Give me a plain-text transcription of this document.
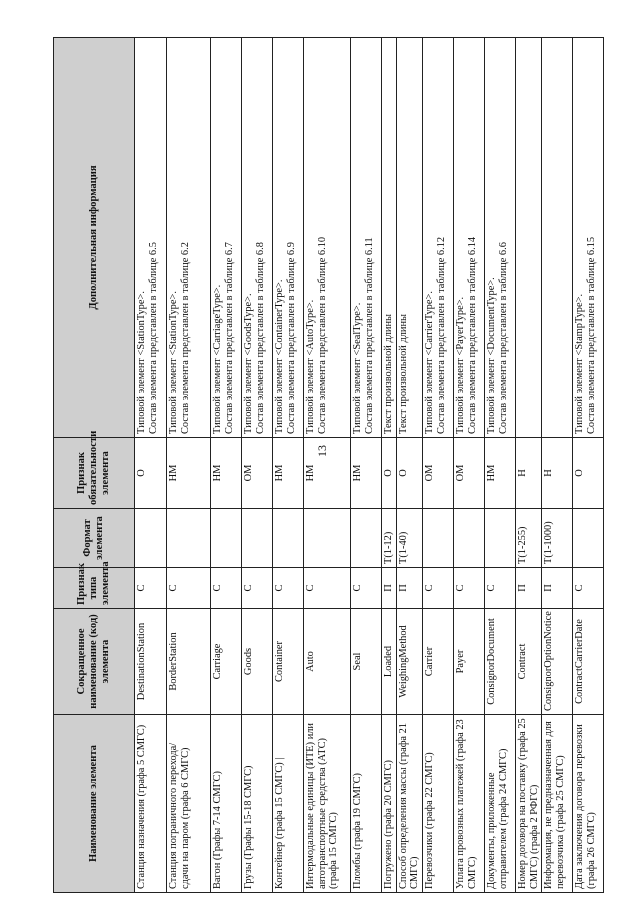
13
Наименование элемента	Сокращенное наименование (код) элемента	Признак типа элемента	Формат элемента	Признак обязательности элемента	Дополнительная информация
Станция назначения (графа 5 СМГС)	DestinationStation	С		О	Типовой элемент <StationType>. Состав элемента представлен в таблице 6.5

Станция пограничного перехода/сдачи на паром (графа 6 СМГС)	BorderStation	С		НМ	Типовой элемент <StationType>. Состав элемента представлен в таблице 6.2

Вагон (Графы 7-14 СМГС)	Carriage	С		НМ	Типовой элемент <CarriageType>. Состав элемента представлен в таблице 6.7

Грузы (Графы 15-18 СМГС)	Goods	С		ОМ	Типовой элемент <GoodsType>. Состав элемента представлен в таблице 6.8

Контейнер (графа 15 СМГС) |	Container	С		НМ	Типовой элемент <ContainerType>. Состав элемента представлен в таблице 6.9

Интермодальные единицы (ИТЕ) или автотранспортные средства (АТС) (графа 15 СМГС)	Auto	С		НМ	Типовой элемент <AutoType>. Состав элемента представлен в таблице 6.10

Пломбы (графа 19 СМГС)	Seal	С		НМ	Типовой элемент <SealType>. Состав элемента представлен в таблице 6.11

Погружено (графа 20 СМГС)	Loaded	П	T(1-12)	О	Текст произвольной длины

Способ определения массы (графа 21 СМГС)	WeighingMethod	П	T(1-40)	О	Текст произвольной длины

Перевозчики (графа 22 СМГС)	Carrier	С		ОМ	Типовой элемент <CarrierType>. Состав элемента представлен в таблице 6.12

Уплата провозных платежей (графа 23 СМГС)	Payer	С		ОМ	Типовой элемент <PayerType>. Состав элемента представлен в таблице 6.14

Документы, приложенные отправителем (графа 24 СМГС)	ConsignorDocument	С		НМ	Типовой элемент <DocumentType>. Состав элемента представлен в таблице 6.6

Номер договора на поставку (графа 25 СМГС) (графа 2 РФГС)	Contract	П	T(1-255)	Н	
Информация, не предназначенная для перевозчика (графа 25 СМГС)	ConsignorOptionNotice	П	T(1-1000)	Н	
Дата заключения договора перевозки (графа 26 СМГС)	ContractCarrierDate	С		О	Типовой элемент <StampType>. Состав элемента представлен в таблице 6.15
